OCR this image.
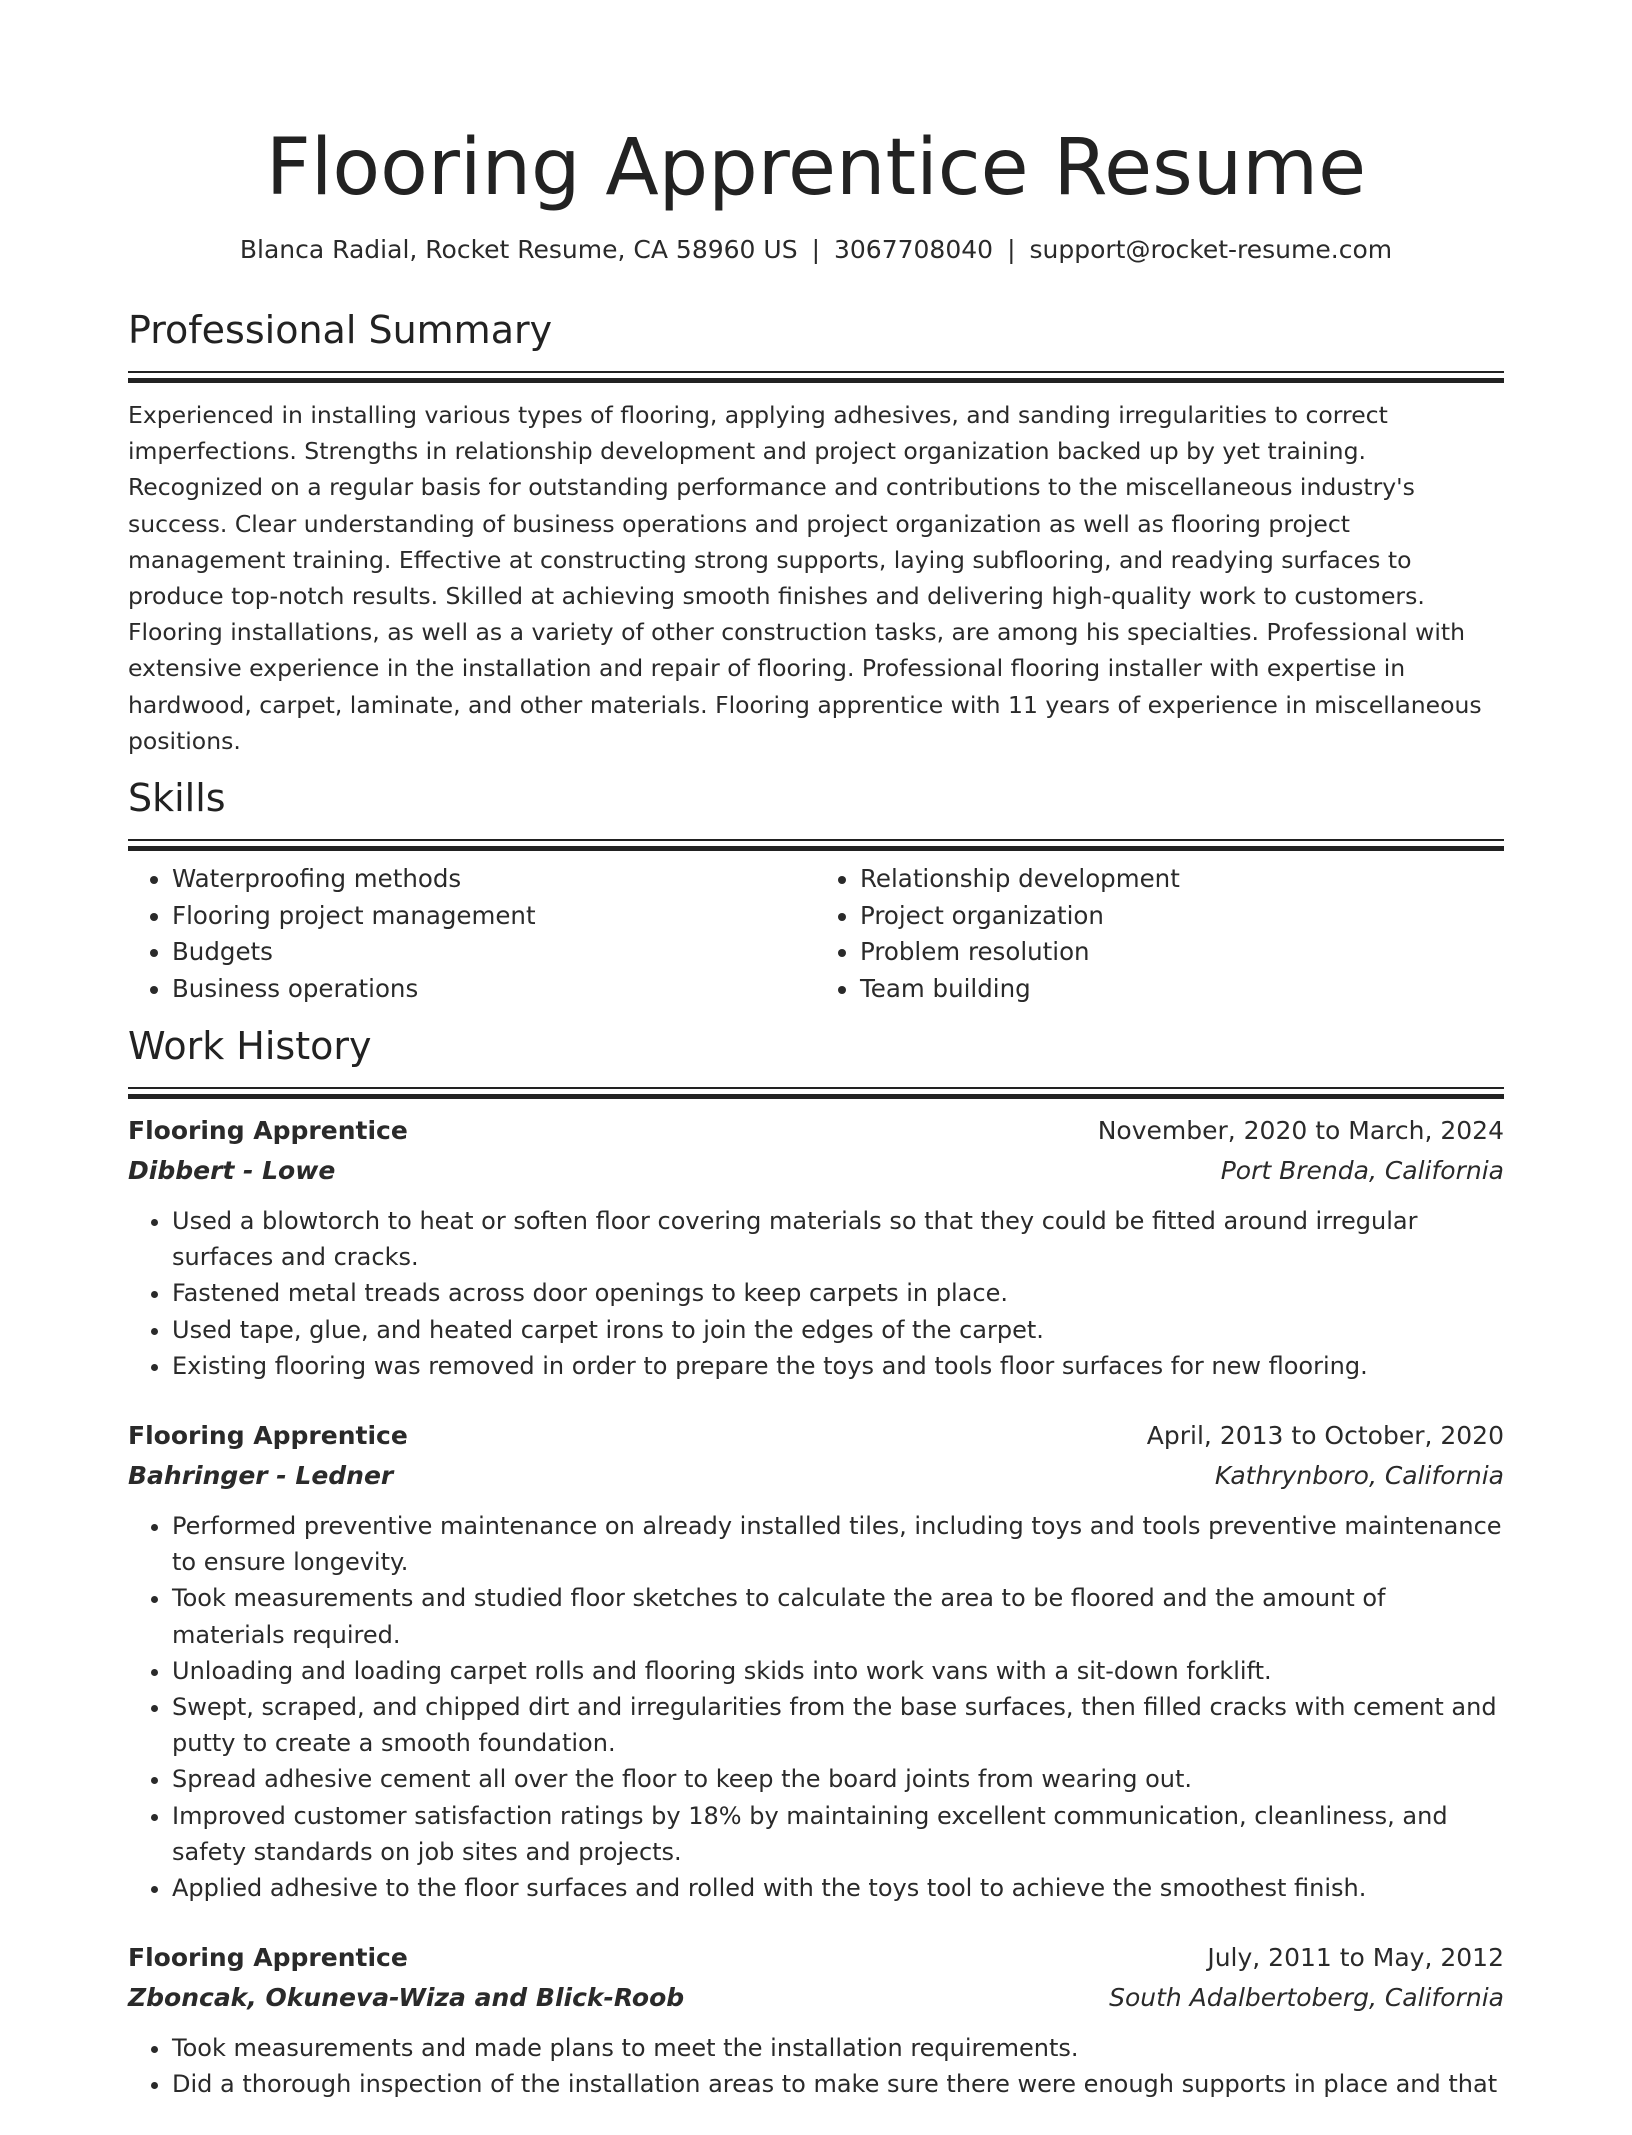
Flooring Apprentice Resume
Blanca Radial, Rocket Resume, CA 58960 US | 3067708040 | support@rocket-resume.com
Professional Summary
Experienced in installing various types of flooring, applying adhesives, and sanding irregularities to correct imperfections. Strengths in relationship development and project organization backed up by yet training. Recognized on a regular basis for outstanding performance and contributions to the miscellaneous industry's success. Clear understanding of business operations and project organization as well as flooring project management training. Effective at constructing strong supports, laying subflooring, and readying surfaces to produce top-notch results. Skilled at achieving smooth finishes and delivering high-quality work to customers. Flooring installations, as well as a variety of other construction tasks, are among his specialties. Professional with extensive experience in the installation and repair of flooring. Professional flooring installer with expertise in hardwood, carpet, laminate, and other materials. Flooring apprentice with 11 years of experience in miscellaneous positions.
Skills
• Waterproofing methods
• Flooring project management
• Budgets
• Business operations
• Relationship development
• Project organization
• Problem resolution
• Team building
Work History
Flooring Apprentice	November, 2020 to March, 2024
Dibbert - Lowe	Port Brenda, California
• Used a blowtorch to heat or soften floor covering materials so that they could be fitted around irregular surfaces and cracks.
• Fastened metal treads across door openings to keep carpets in place.
• Used tape, glue, and heated carpet irons to join the edges of the carpet.
• Existing flooring was removed in order to prepare the toys and tools floor surfaces for new flooring.
Flooring Apprentice	April, 2013 to October, 2020
Bahringer - Ledner	Kathrynboro, California
• Performed preventive maintenance on already installed tiles, including toys and tools preventive maintenance to ensure longevity.
• Took measurements and studied floor sketches to calculate the area to be floored and the amount of materials required.
• Unloading and loading carpet rolls and flooring skids into work vans with a sit-down forklift.
• Swept, scraped, and chipped dirt and irregularities from the base surfaces, then filled cracks with cement and putty to create a smooth foundation.
• Spread adhesive cement all over the floor to keep the board joints from wearing out.
• Improved customer satisfaction ratings by 18% by maintaining excellent communication, cleanliness, and safety standards on job sites and projects.
• Applied adhesive to the floor surfaces and rolled with the toys tool to achieve the smoothest finish.
Flooring Apprentice	July, 2011 to May, 2012
Zboncak, Okuneva-Wiza and Blick-Roob	South Adalbertoberg, California
• Took measurements and made plans to meet the installation requirements.
• Did a thorough inspection of the installation areas to make sure there were enough supports in place and that
